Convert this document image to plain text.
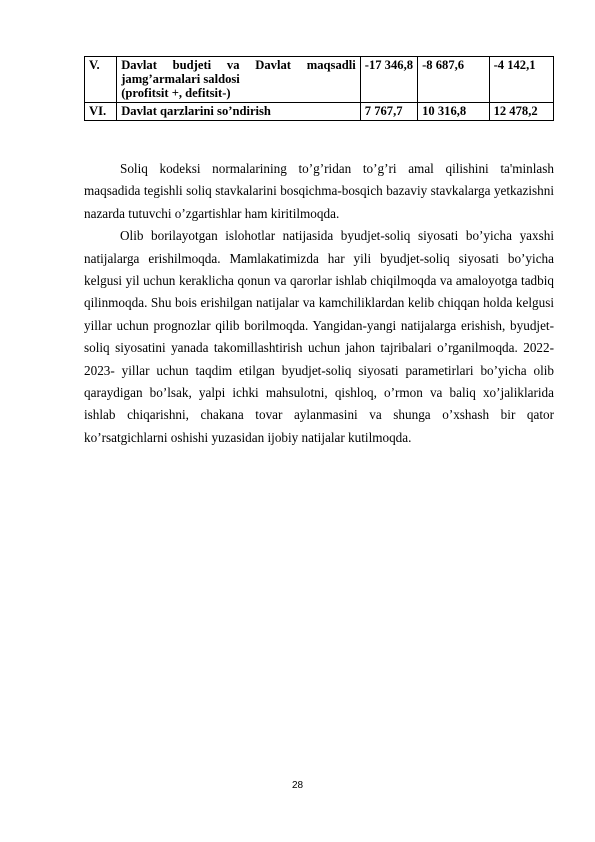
V.	Davlat budjeti va Davlat maqsadli
jamg’armalari saldosi
(profitsit +, defitsit-)	-17 346,8	-8 687,6	-4 142,1
VI.	Davlat qarzlarini so’ndirish	7 767,7	10 316,8	12 478,2

Soliq kodeksi normalarining to’g’ridan to’g’ri amal qilishini ta'minlash maqsadida tegishli soliq stavkalarini bosqichma-bosqich bazaviy stavkalarga yetkazishni nazarda tutuvchi o’zgartishlar ham kiritilmoqda.

Olib borilayotgan islohotlar natijasida byudjet-soliq siyosati bo’yicha yaxshi natijalarga erishilmoqda. Mamlakatimizda har yili byudjet-soliq siyosati bo’yicha kelgusi yil uchun keraklicha qonun va qarorlar ishlab chiqilmoqda va amaloyotga tadbiq qilinmoqda. Shu bois erishilgan natijalar va kamchiliklardan kelib chiqqan holda kelgusi yillar uchun prognozlar qilib borilmoqda. Yangidan-yangi natijalarga erishish, byudjet-soliq siyosatini yanada takomillashtirish uchun jahon tajribalari o’rganilmoqda. 2022-2023- yillar uchun taqdim etilgan byudjet-soliq siyosati parametirlari bo’yicha olib qaraydigan bo’lsak, yalpi ichki mahsulotni, qishloq, o’rmon va baliq xo’jaliklarida ishlab chiqarishni, chakana tovar aylanmasini va shunga o’xshash bir qator ko’rsatgichlarni oshishi yuzasidan ijobiy natijalar kutilmoqda.

28
